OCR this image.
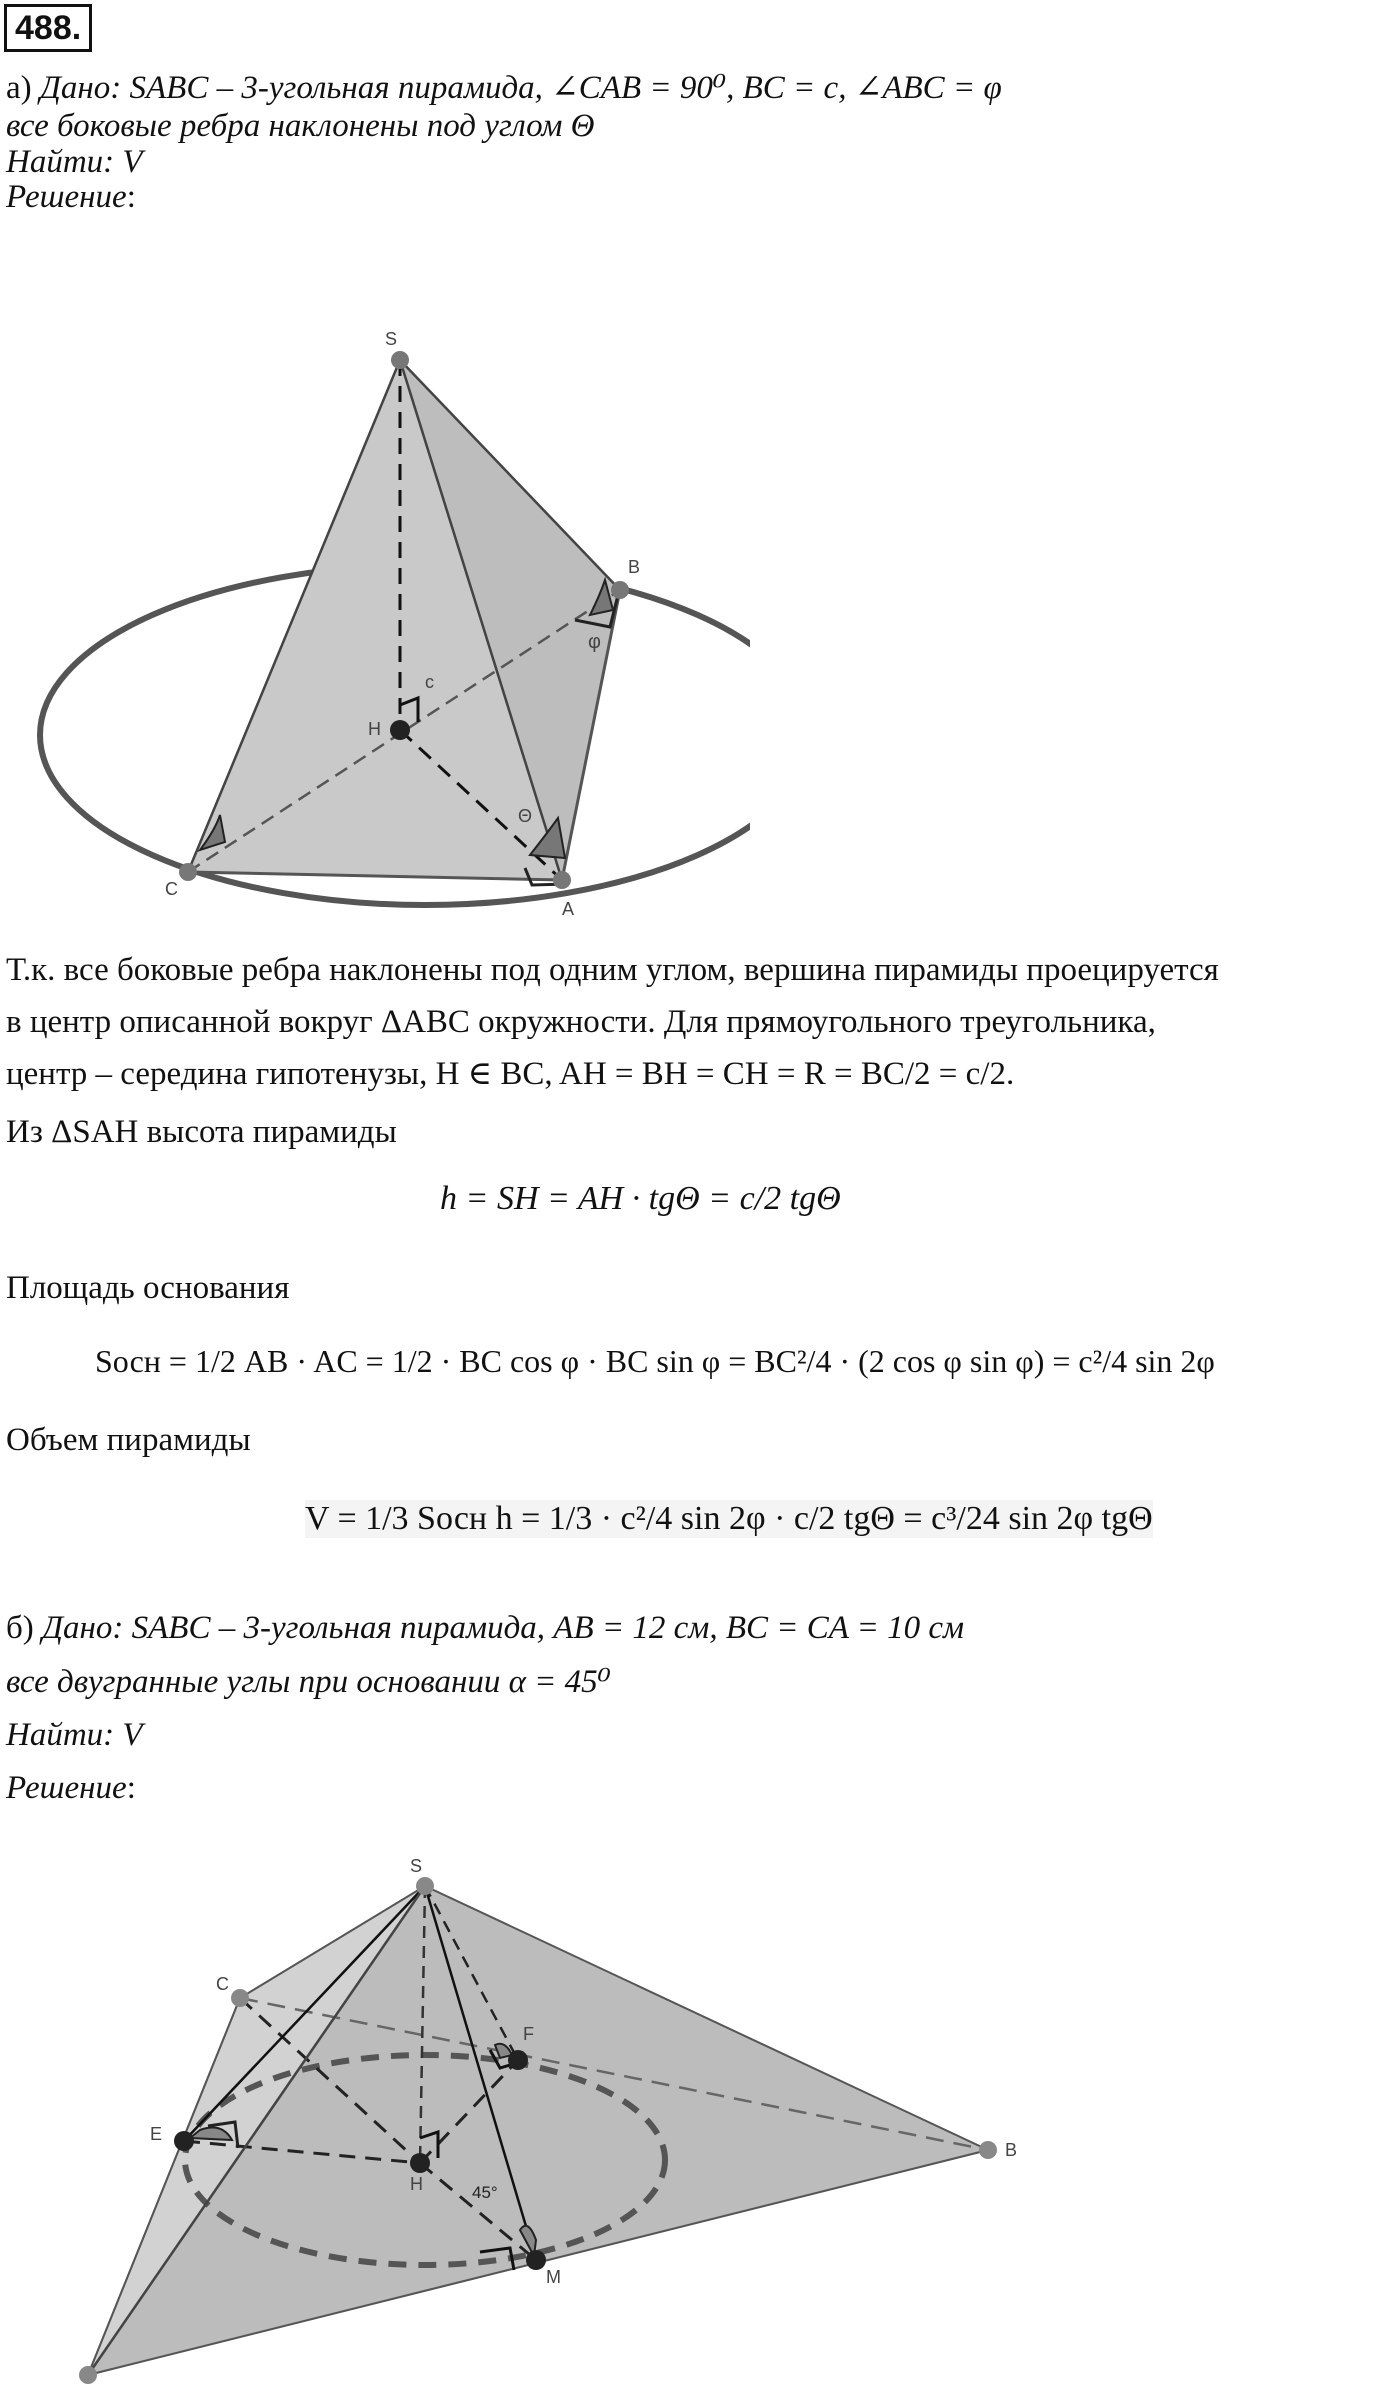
488.
а) Дано: SABC – 3-угольная пирамида, ∠CAB = 90⁰, BC = c, ∠ABC = φ
все боковые ребра наклонены под углом Θ
Найти: V
Решение:
S
B
C
A
H
c
φ
Θ
Т.к. все боковые ребра наклонены под одним углом, вершина пирамиды проецируется
в центр описанной вокруг ΔABC окружности. Для прямоугольного треугольника,
центр – середина гипотенузы, H ∈ BC, AH = BH = CH = R = BC/2 = c/2.
Из ΔSAH высота пирамиды
h = SH = AH · tgΘ = c/2 tgΘ
Площадь основания
Sосн = 1/2 AB · AC = 1/2 · BC cos φ · BC sin φ = BC²/4 · (2 cos φ sin φ) = c²/4 sin 2φ
Объем пирамиды
V = 1/3 Sосн h = 1/3 · c²/4 sin 2φ · c/2 tgΘ = c³/24 sin 2φ tgΘ
б) Дано: SABC – 3-угольная пирамида, AB = 12 см, BC = CA = 10 см
все двугранные углы при основании α = 45⁰
Найти: V
Решение:
S
C
F
E
H
B
M
45°
